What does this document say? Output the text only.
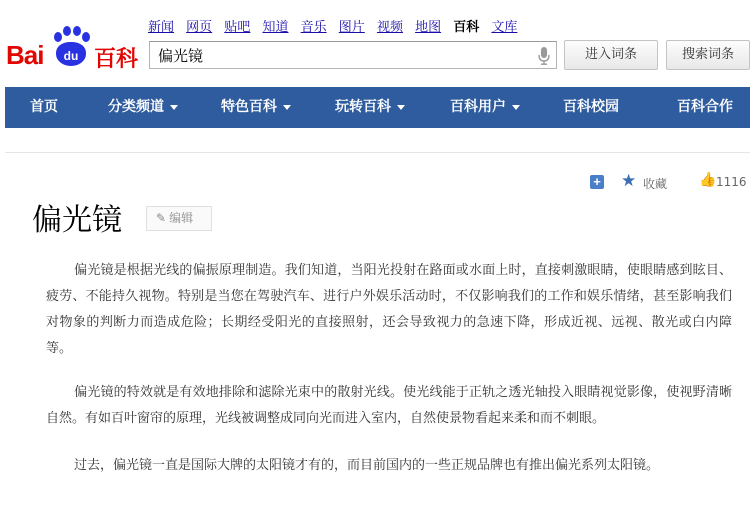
Bai	du 百科
新闻 网页 贴吧 知道 音乐 图片 视频 地图 百科 文库
偏光镜
进入词条	搜索词条
首页	分类频道	特色百科	玩转百科	百科用户	百科校园	百科合作
+ ★ 收藏 👍 1116
偏光镜	✎ 编辑

偏光镜是根据光线的偏振原理制造。我们知道，当阳光投射在路面或水面上时，直接刺激眼睛，使眼睛感到眩目、疲劳、不能持久视物。特别是当您在驾驶汽车、进行户外娱乐活动时，不仅影响我们的工作和娱乐情绪，甚至影响我们对物象的判断力而造成危险；长期经受阳光的直接照射，还会导致视力的急速下降，形成近视、远视、散光或白内障等。

偏光镜的特效就是有效地排除和滤除光束中的散射光线。使光线能于正轨之透光轴投入眼睛视觉影像，使视野清晰自然。有如百叶窗帘的原理，光线被调整成同向光而进入室内，自然使景物看起来柔和而不刺眼。

过去，偏光镜一直是国际大牌的太阳镜才有的，而目前国内的一些正规品牌也有推出偏光系列太阳镜。
